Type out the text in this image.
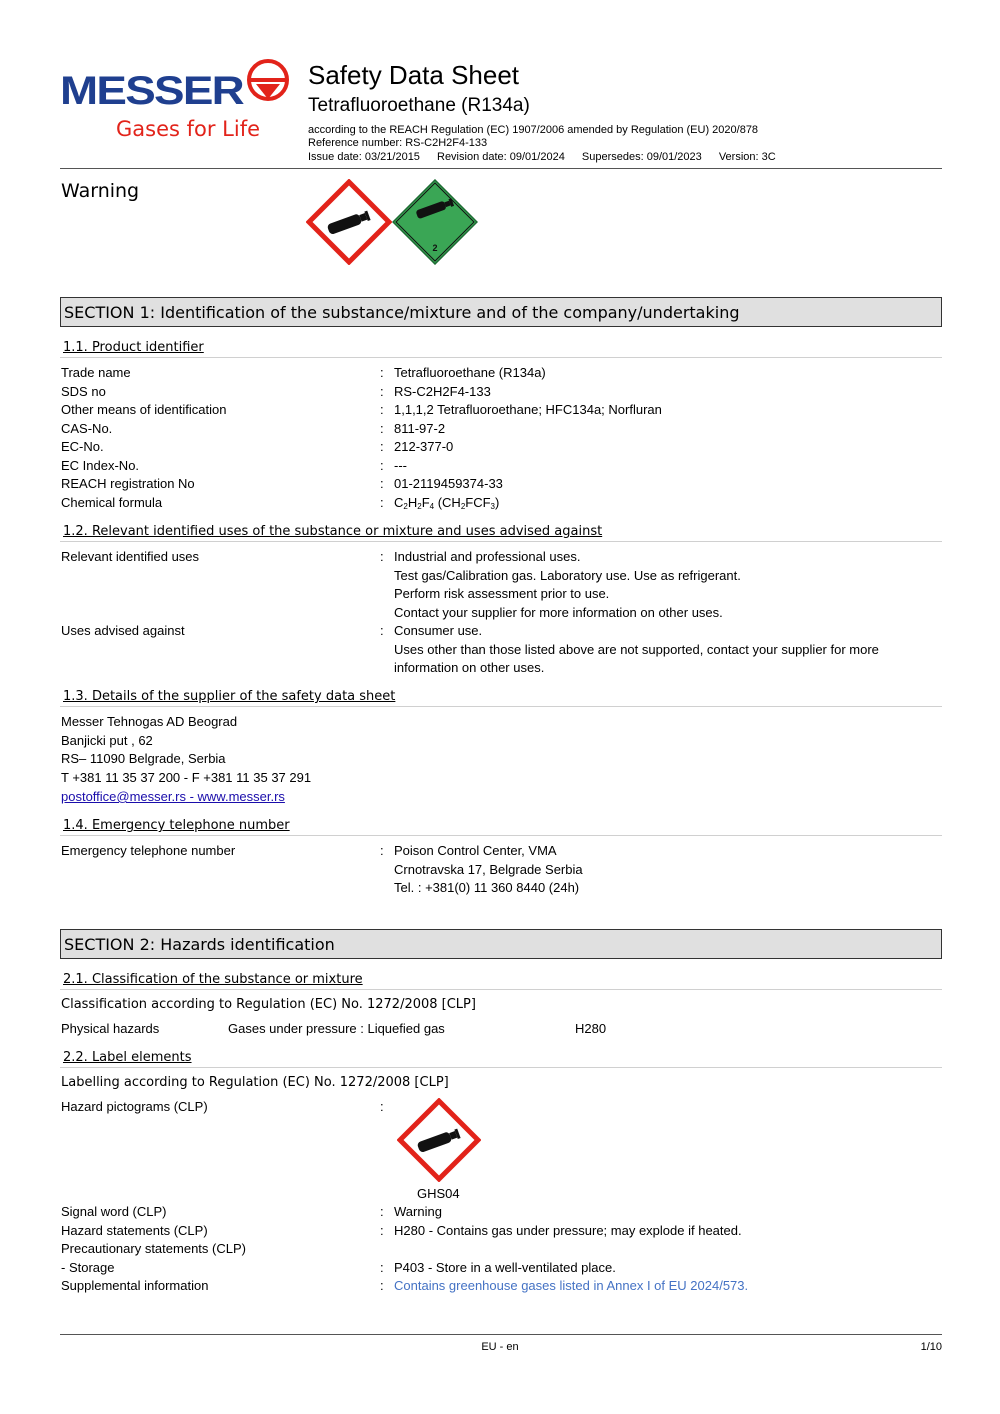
MESSER
Gases for Life
Safety Data Sheet
Tetrafluoroethane (R134a)
according to the REACH Regulation (EC) 1907/2006 amended by Regulation (EU) 2020/878
Reference number: RS-C2H2F4-133
Issue date: 03/21/2015 Revision date: 09/01/2024 Supersedes: 09/01/2023 Version: 3C
Warning
2
SECTION 1: Identification of the substance/mixture and of the company/undertaking
1.1. Product identifier
Trade name	: Tetrafluoroethane (R134a)
SDS no	: RS-C2H2F4-133
Other means of identification	: 1,1,1,2 Tetrafluoroethane; HFC134a; Norfluran
CAS-No.	: 811-97-2
EC-No.	: 212-377-0
EC Index-No.	: ---
REACH registration No	: 01-2119459374-33
Chemical formula	: $C_2H_2F_4$ $(CH_2FCF_3)$
1.2. Relevant identified uses of the substance or mixture and uses advised against
Relevant identified uses	: Industrial and professional uses.
Test gas/Calibration gas. Laboratory use. Use as refrigerant.
Perform risk assessment prior to use.
Contact your supplier for more information on other uses.
Uses advised against	: Consumer use.
Uses other than those listed above are not supported, contact your supplier for more
information on other uses.
1.3. Details of the supplier of the safety data sheet
Messer Tehnogas AD Beograd
Banjicki put , 62
RS– 11090 Belgrade, Serbia
T +381 11 35 37 200 - F +381 11 35 37 291
postoffice@messer.rs - www.messer.rs
1.4. Emergency telephone number
Emergency telephone number	: Poison Control Center, VMA
Crnotravska 17, Belgrade Serbia
Tel. : +381(0) 11 360 8440 (24h)
SECTION 2: Hazards identification
2.1. Classification of the substance or mixture
Classification according to Regulation (EC) No. 1272/2008 [CLP]
Physical hazards	Gases under pressure : Liquefied gas	H280
2.2. Label elements
Labelling according to Regulation (EC) No. 1272/2008 [CLP]
Hazard pictograms (CLP)	:
GHS04
Signal word (CLP)	: Warning
Hazard statements (CLP)	: H280 - Contains gas under pressure; may explode if heated.
Precautionary statements (CLP)
- Storage	: P403 - Store in a well-ventilated place.
Supplemental information	: Contains greenhouse gases listed in Annex I of EU 2024/573.
EU - en	1/10
